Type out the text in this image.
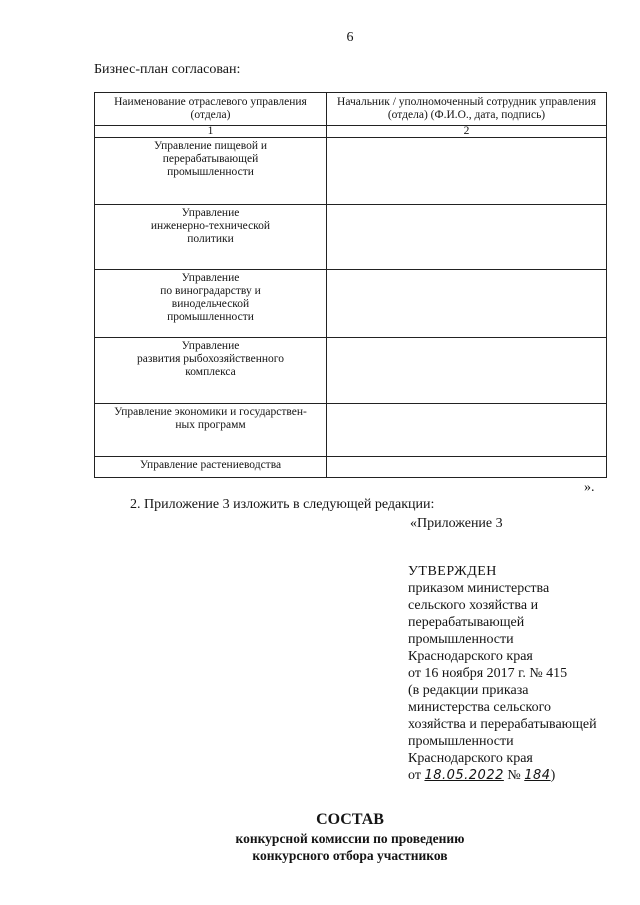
6
Бизнес-план согласован:
Наименование отраслевого управления (отдела)	Начальник / уполномоченный сотрудник управления (отдела) (Ф.И.О., дата, подпись)
1	2

Управление пищевой и
перерабатывающей
промышленности	

Управление
инженерно-технической
политики	

Управление
по виноградарству и
винодельческой
промышленности	

Управление
развития рыбохозяйственного
комплекса	

Управление экономики и государствен-
ных программ	

Управление растениеводства	

».
2. Приложение 3 изложить в следующей редакции:
«Приложение 3
УТВЕРЖДЕН
приказом министерства
сельского хозяйства и
перерабатывающей
промышленности
Краснодарского края
от 16 ноября 2017 г. № 415
(в редакции приказа
министерства сельского
хозяйства и перерабатывающей
промышленности
Краснодарского края
от 18.05.2022 № 184)
СОСТАВ
конкурсной комиссии по проведению
конкурсного отбора участников
